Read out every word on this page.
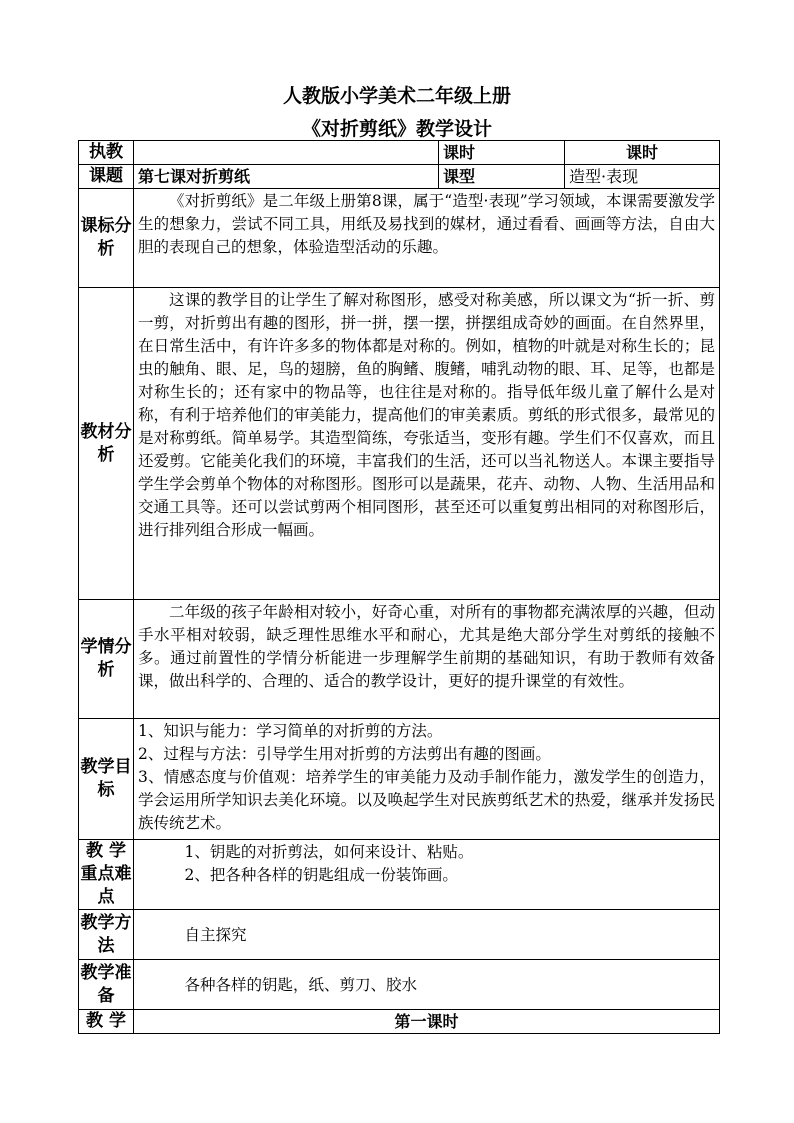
人教版小学美术二年级上册
《对折剪纸》教学设计
执教		课时	课时
课题	第七课对折剪纸	课型	造型·表现
课标分析	《对折剪纸》是二年级上册第8课，属于“造型·表现”学习领域，本课需要激发学生的想象力，尝试不同工具，用纸及易找到的媒材，通过看看、画画等方法，自由大胆的表现自己的想象，体验造型活动的乐趣。		

教材分析	这课的教学目的让学生了解对称图形，感受对称美感，所以课文为“折一折、剪一剪，对折剪出有趣的图形，拼一拼，摆一摆，拼摆组成奇妙的画面。在自然界里，在日常生活中，有许许多多的物体都是对称的。例如，植物的叶就是对称生长的；昆虫的触角、眼、足，鸟的翅膀，鱼的胸鳍、腹鳍，哺乳动物的眼、耳、足等，也都是对称生长的；还有家中的物品等，也往往是对称的。指导低年级儿童了解什么是对称，有利于培养他们的审美能力，提高他们的审美素质。剪纸的形式很多，最常见的是对称剪纸。简单易学。其造型简练，夸张适当，变形有趣。学生们不仅喜欢，而且还爱剪。它能美化我们的环境，丰富我们的生活，还可以当礼物送人。本课主要指导学生学会剪单个物体的对称图形。图形可以是蔬果，花卉、动物、人物、生活用品和交通工具等。还可以尝试剪两个相同图形，甚至还可以重复剪出相同的对称图形后，进行排列组合形成一幅画。		

学情分析	二年级的孩子年龄相对较小，好奇心重，对所有的事物都充满浓厚的兴趣，但动手水平相对较弱，缺乏理性思维水平和耐心，尤其是绝大部分学生对剪纸的接触不多。通过前置性的学情分析能进一步理解学生前期的基础知识，有助于教师有效备课，做出科学的、合理的、适合的教学设计，更好的提升课堂的有效性。		

教学目标	1、知识与能力：学习简单的对折剪的方法。

2、过程与方法：引导学生用对折剪的方法剪出有趣的图画。

3、情感态度与价值观：培养学生的审美能力及动手制作能力，激发学生的创造力，学会运用所学知识去美化环境。以及唤起学生对民族剪纸艺术的热爱，继承并发扬民族传统艺术。		

教 学重点难点	1、钥匙的对折剪法，如何来设计、粘贴。

2、把各种各样的钥匙组成一份装饰画。		

教学方法	自主探究		

教学准备	各种各样的钥匙，纸、剪刀、胶水		

教 学	第一课时		
